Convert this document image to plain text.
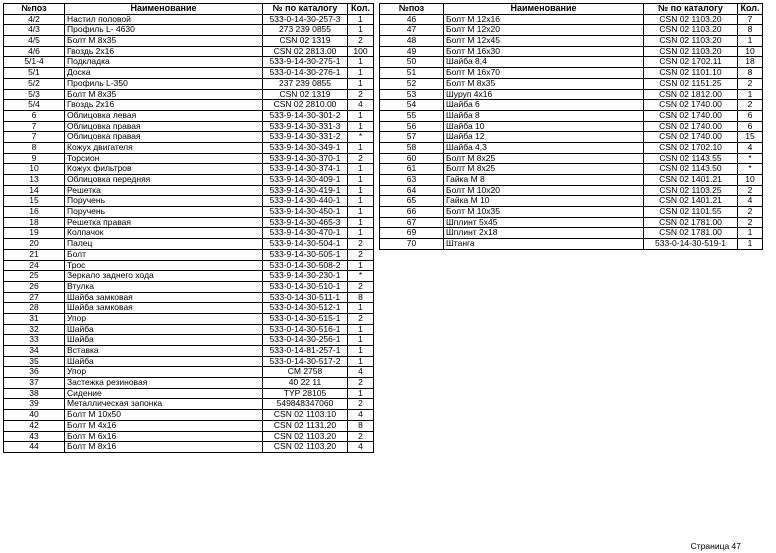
№поз	Наименование	№ по каталогу	Кол.
4/2	Настил половой	533-0-14-30-257-3	1
4/3	Профиль L- 4630	273 239 0855	1
4/5	Болт М 8х35	CSN 02 1319	2
4/6	Гвоздь 2х16	CSN 02 2813.00	100
5/1-4	Подкладка	533-9-14-30-275-1	1
5/1	Доска	533-0-14-30-276-1	1
5/2	Профиль L-350	237 239 0855	1
5/3	Болт М 8х35	CSN 02 1319	2
5/4	Гвоздь 2х16	CSN 02 2810.00	4
6	Облицовка левая	533-9-14-30-301-2	1
7	Облицовка правая	533-9-14-30-331-3	1
7	Облицовка правая	533-9-14-30-331-2	*
8	Кожух двигателя	533-9-14-30-349-1	1
9	Торсион	533-9-14-30-370-1	2
10	Кожух фильтров	533-9-14-30-374-1	1
13	Облицовка передняя	533-9-14-30-409-1	1
14	Решетка	533-9-14-30-419-1	1
15	Поручень	533-9-14-30-440-1	1
16	Поручень	533-9-14-30-450-1	1
18	Решетка правая	533-9-14-30-465-3	1
19	Колпачок	533-9-14-30-470-1	1
20	Палец	533-9-14-30-504-1	2
21	Болт	533-9-14-30-505-1	2
24	Трос	533-0-14-30-508-2	1
25	Зеркало заднего хода	533-9-14-30-230-1	*
26	Втулка	533-0-14-30-510-1	2
27	Шайба замковая	533-0-14-30-511-1	8
28	Шайба замковая	533-0-14-30-512-1	1
31	Упор	533-0-14-30-515-1	2
32	Шайба	533-0-14-30-516-1	1
33	Шайба	533-0-14-30-256-1	1
34	Вставка	533-0-14-81-257-1	1
35	Шайба	533-0-14-30-517-2	1
36	Упор	CM 2758	4
37	Застежка резиновая	40 22 11	2
38	Сидение	TYP 28105	1
39	Металлическая запонка	549848347060	2
40	Болт М 10х50	CSN 02 1103.10	4
42	Болт М 4х16	CSN 02 1131.20	8
43	Болт М 6х16	CSN 02 1103.20	2
44	Болт М 8х16	CSN 02 1103.20	4
№поз	Наименование	№ по каталогу	Кол.
46	Болт М 12х16	CSN 02 1103.20	7
47	Болт М 12х20	CSN 02 1103.20	8
48	Болт М 12х45	CSN 02 1103.20	1
49	Болт М 16х30	CSN 02 1103.20	10
50	Шайба 8,4	CSN 02 1702.11	18
51	Болт М 16х70	CSN 02 1101.10	8
52	Болт М 8х35	CSN 02 1151.25	2
53	Шуруп 4х16	CSN 02 1812.00	1
54	Шайба 6	CSN 02 1740.00	2
55	Шайба 8	CSN 02 1740.00	6
56	Шайба 10	CSN 02 1740.00	6
57	Шайба 12	CSN 02 1740.00	15
58	Шайба 4,3	CSN 02 1702.10	4
60	Болт М 8х25	CSN 02 1143.55	*
61	Болт М 8х25	CSN 02 1143.50	*
63	Гайка М 8	CSN 02 1401.21	10
64	Болт М 10х20	CSN 02 1103.25	2
65	Гайка М 10	CSN 02 1401.21	4
66	Болт М 10х35	CSN 02 1101.55	2
67	Шплинт 5х45	CSN 02 1781.00	2
69	Шплинт 2х18	CSN 02 1781.00	1
70	Штанга	533-0-14-30-519-1	1
Страница 47
